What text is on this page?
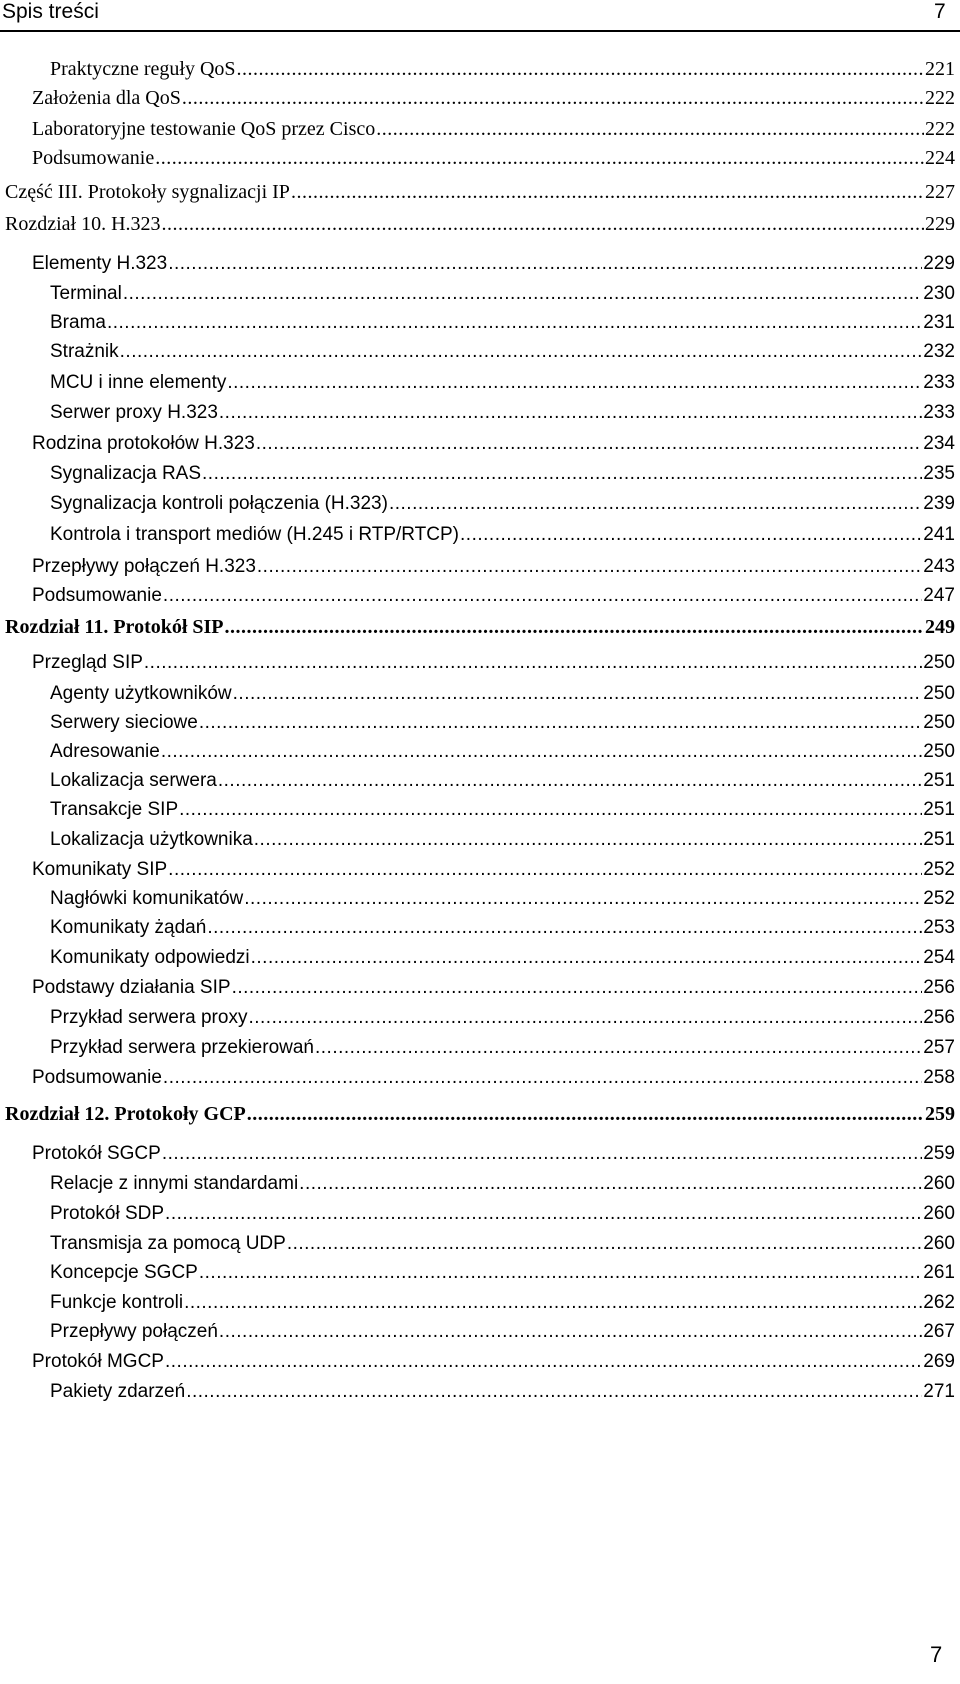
Spis treści	7
Praktyczne reguły QoS .....	221
Założenia dla QoS .....	222
Laboratoryjne testowanie QoS przez Cisco .....	222
Podsumowanie .....	224
Część III. Protokoły sygnalizacji IP .....	227
Rozdział 10. H.323 .....	229
Elementy H.323 .....	229
Terminal .....	230
Brama .....	231
Strażnik .....	232
MCU i inne elementy .....	233
Serwer proxy H.323 .....	233
Rodzina protokołów H.323 .....	234
Sygnalizacja RAS .....	235
Sygnalizacja kontroli połączenia (H.323) .....	239
Kontrola i transport mediów (H.245 i RTP/RTCP) .....	241
Przepływy połączeń H.323 .....	243
Podsumowanie .....	247
Rozdział 11. Protokół SIP .....	249
Przegląd SIP .....	250
Agenty użytkowników .....	250
Serwery sieciowe .....	250
Adresowanie .....	250
Lokalizacja serwera .....	251
Transakcje SIP .....	251
Lokalizacja użytkownika .....	251
Komunikaty SIP .....	252
Nagłówki komunikatów .....	252
Komunikaty żądań .....	253
Komunikaty odpowiedzi .....	254
Podstawy działania SIP .....	256
Przykład serwera proxy .....	256
Przykład serwera przekierowań .....	257
Podsumowanie .....	258
Rozdział 12. Protokoły GCP .....	259
Protokół SGCP .....	259
Relacje z innymi standardami .....	260
Protokół SDP .....	260
Transmisja za pomocą UDP .....	260
Koncepcje SGCP .....	261
Funkcje kontroli .....	262
Przepływy połączeń .....	267
Protokół MGCP .....	269
Pakiety zdarzeń .....	271
7
